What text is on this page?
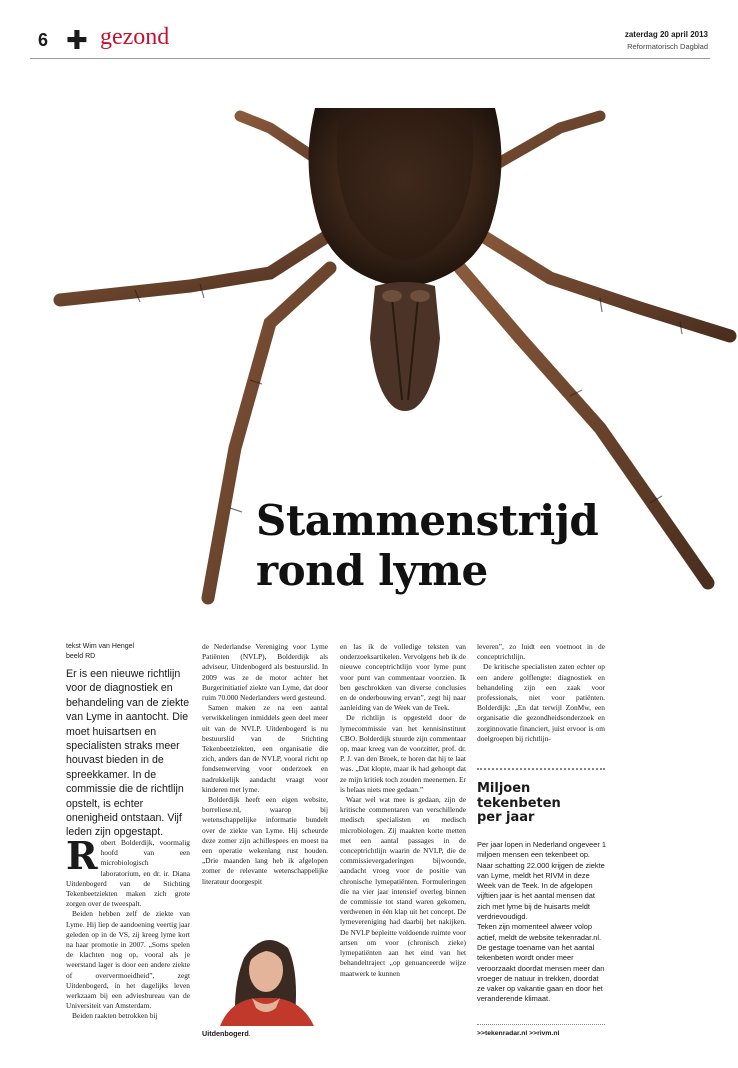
6 ✚ gezond	zaterdag 20 april 2013
Reformatorisch Dagblad
Stammenstrijd
rond lyme
tekst Wim van Hengel
beeld RD
Er is een nieuwe richtlijn voor de diagnostiek en behandeling van de ziekte van Lyme in aantocht. Die moet huisartsen en specialisten straks meer houvast bieden in de spreekkamer. In de commissie die de richtlijn opstelt, is echter onenigheid ontstaan. Vijf leden zijn opgestapt.
R obert Bolderdijk, voormalig hoofd van een microbiologisch laboratorium, en dr. ir. Diana Uitdenbogerd van de Stichting Tekenbeetziekten maken zich grote zorgen over de tweespalt.

Beiden hebben zelf de ziekte van Lyme. Hij liep de aandoening veertig jaar geleden op in de VS, zij kreeg lyme kort na haar promotie in 2007. „Soms spelen de klachten nog op, vooral als je weerstand lager is door een andere ziekte of oververmoeidheid”, zegt Uitdenbogerd, in het dagelijks leven werkzaam bij een adviesbureau van de Universiteit van Amsterdam.

Beiden raakten betrokken bij

de Nederlandse Vereniging voor Lyme Patiënten (NVLP), Bolderdijk als adviseur, Uitdenbogerd als bestuurslid. In 2009 was ze de motor achter het Burgerinitiatief ziekte van Lyme, dat door ruim 70.000 Nederlanders werd gesteund.

Samen maken ze na een aantal verwikkelingen inmiddels geen deel meer uit van de NVLP. Uitdenbogerd is nu bestuurslid van de Stichting Tekenbeetziekten, een organisatie die zich, anders dan de NVLP, vooral richt op fondsenwerving voor onderzoek en nadrukkelijk aandacht vraagt voor kinderen met lyme.

Bolderdijk heeft een eigen website, borreliose.nl, waarop bij wetenschappelijke informatie bundelt over de ziekte van Lyme. Hij scheurde deze zomer zijn achillespees en moest na een operatie wekenlang rust houden. „Drie maanden lang heb ik afgelopen zomer de relevante wetenschappelijke literatuur doorgespit

Uitdenbogerd.

en las ik de volledige teksten van onderzoeksartikelen. Vervolgens heb ik de nieuwe conceptrichtlijn voor lyme punt voor punt van commentaar voorzien. Ik ben geschrokken van diverse conclusies en de onderbouwing ervan”, zegt hij naar aanleiding van de Week van de Teek.

De richtlijn is opgesteld door de lymecommissie van het kennisinstituut CBO. Bolderdijk stuurde zijn commentaar op, maar kreeg van de voorzitter, prof. dr. P. J. van den Broek, te horen dat hij te laat was. „Dat klopte, maar ik had gehoopt dat ze mijn kritiek toch zouden meenemen. Er is helaas niets mee gedaan.”

Waar wel wat mee is gedaan, zijn de kritische commentaren van verschillende medisch specialisten en medisch microbiologen. Zij maakten korte metten met een aantal passages in de conceptrichtlijn waarin de NVLP, die de commissievergaderingen bijwoonde, aandacht vroeg voor de positie van chronische lymepatiënten. Formuleringen die na vier jaar intensief overleg binnen de commissie tot stand waren gekomen, verdwenen in één klap uit het concept. De lymevereniging had daarbij het nakijken. De NVLP bepleitte voldoende ruimte voor artsen om voor (chronisch zieke) lymepatiënten aan het eind van het behandeltraject „op genuanceerde wijze maatwerk te kunnen

leveren”, zo luidt een voetnoot in de conceptrichtlijn.

De kritische specialisten zaten echter op een andere golflengte: diagnostiek en behandeling zijn een zaak voor professionals, niet voor patiënten. Bolderdijk: „En dat terwijl ZonMw, een organisatie die gezondheidsonderzoek en zorginnovatie financiert, juist ervoor is om doelgroepen bij richtlijn-

Miljoen
tekenbeten
per jaar

Per jaar lopen in Nederland ongeveer 1 miljoen mensen een tekenbeet op. Naar schatting 22.000 krijgen de ziekte van Lyme, meldt het RIVM in deze Week van de Teek. In de afgelopen vijftien jaar is het aantal mensen dat zich met lyme bij de huisarts meldt verdrievoudigd.

Teken zijn momenteel alweer volop actief, meldt de website tekenradar.nl.

De gestage toename van het aantal tekenbeten wordt onder meer veroorzaakt doordat mensen meer dan vroeger de natuur in trekken, doordat ze vaker op vakantie gaan en door het veranderende klimaat.

>>tekenradar.nl >>rivm.nl
